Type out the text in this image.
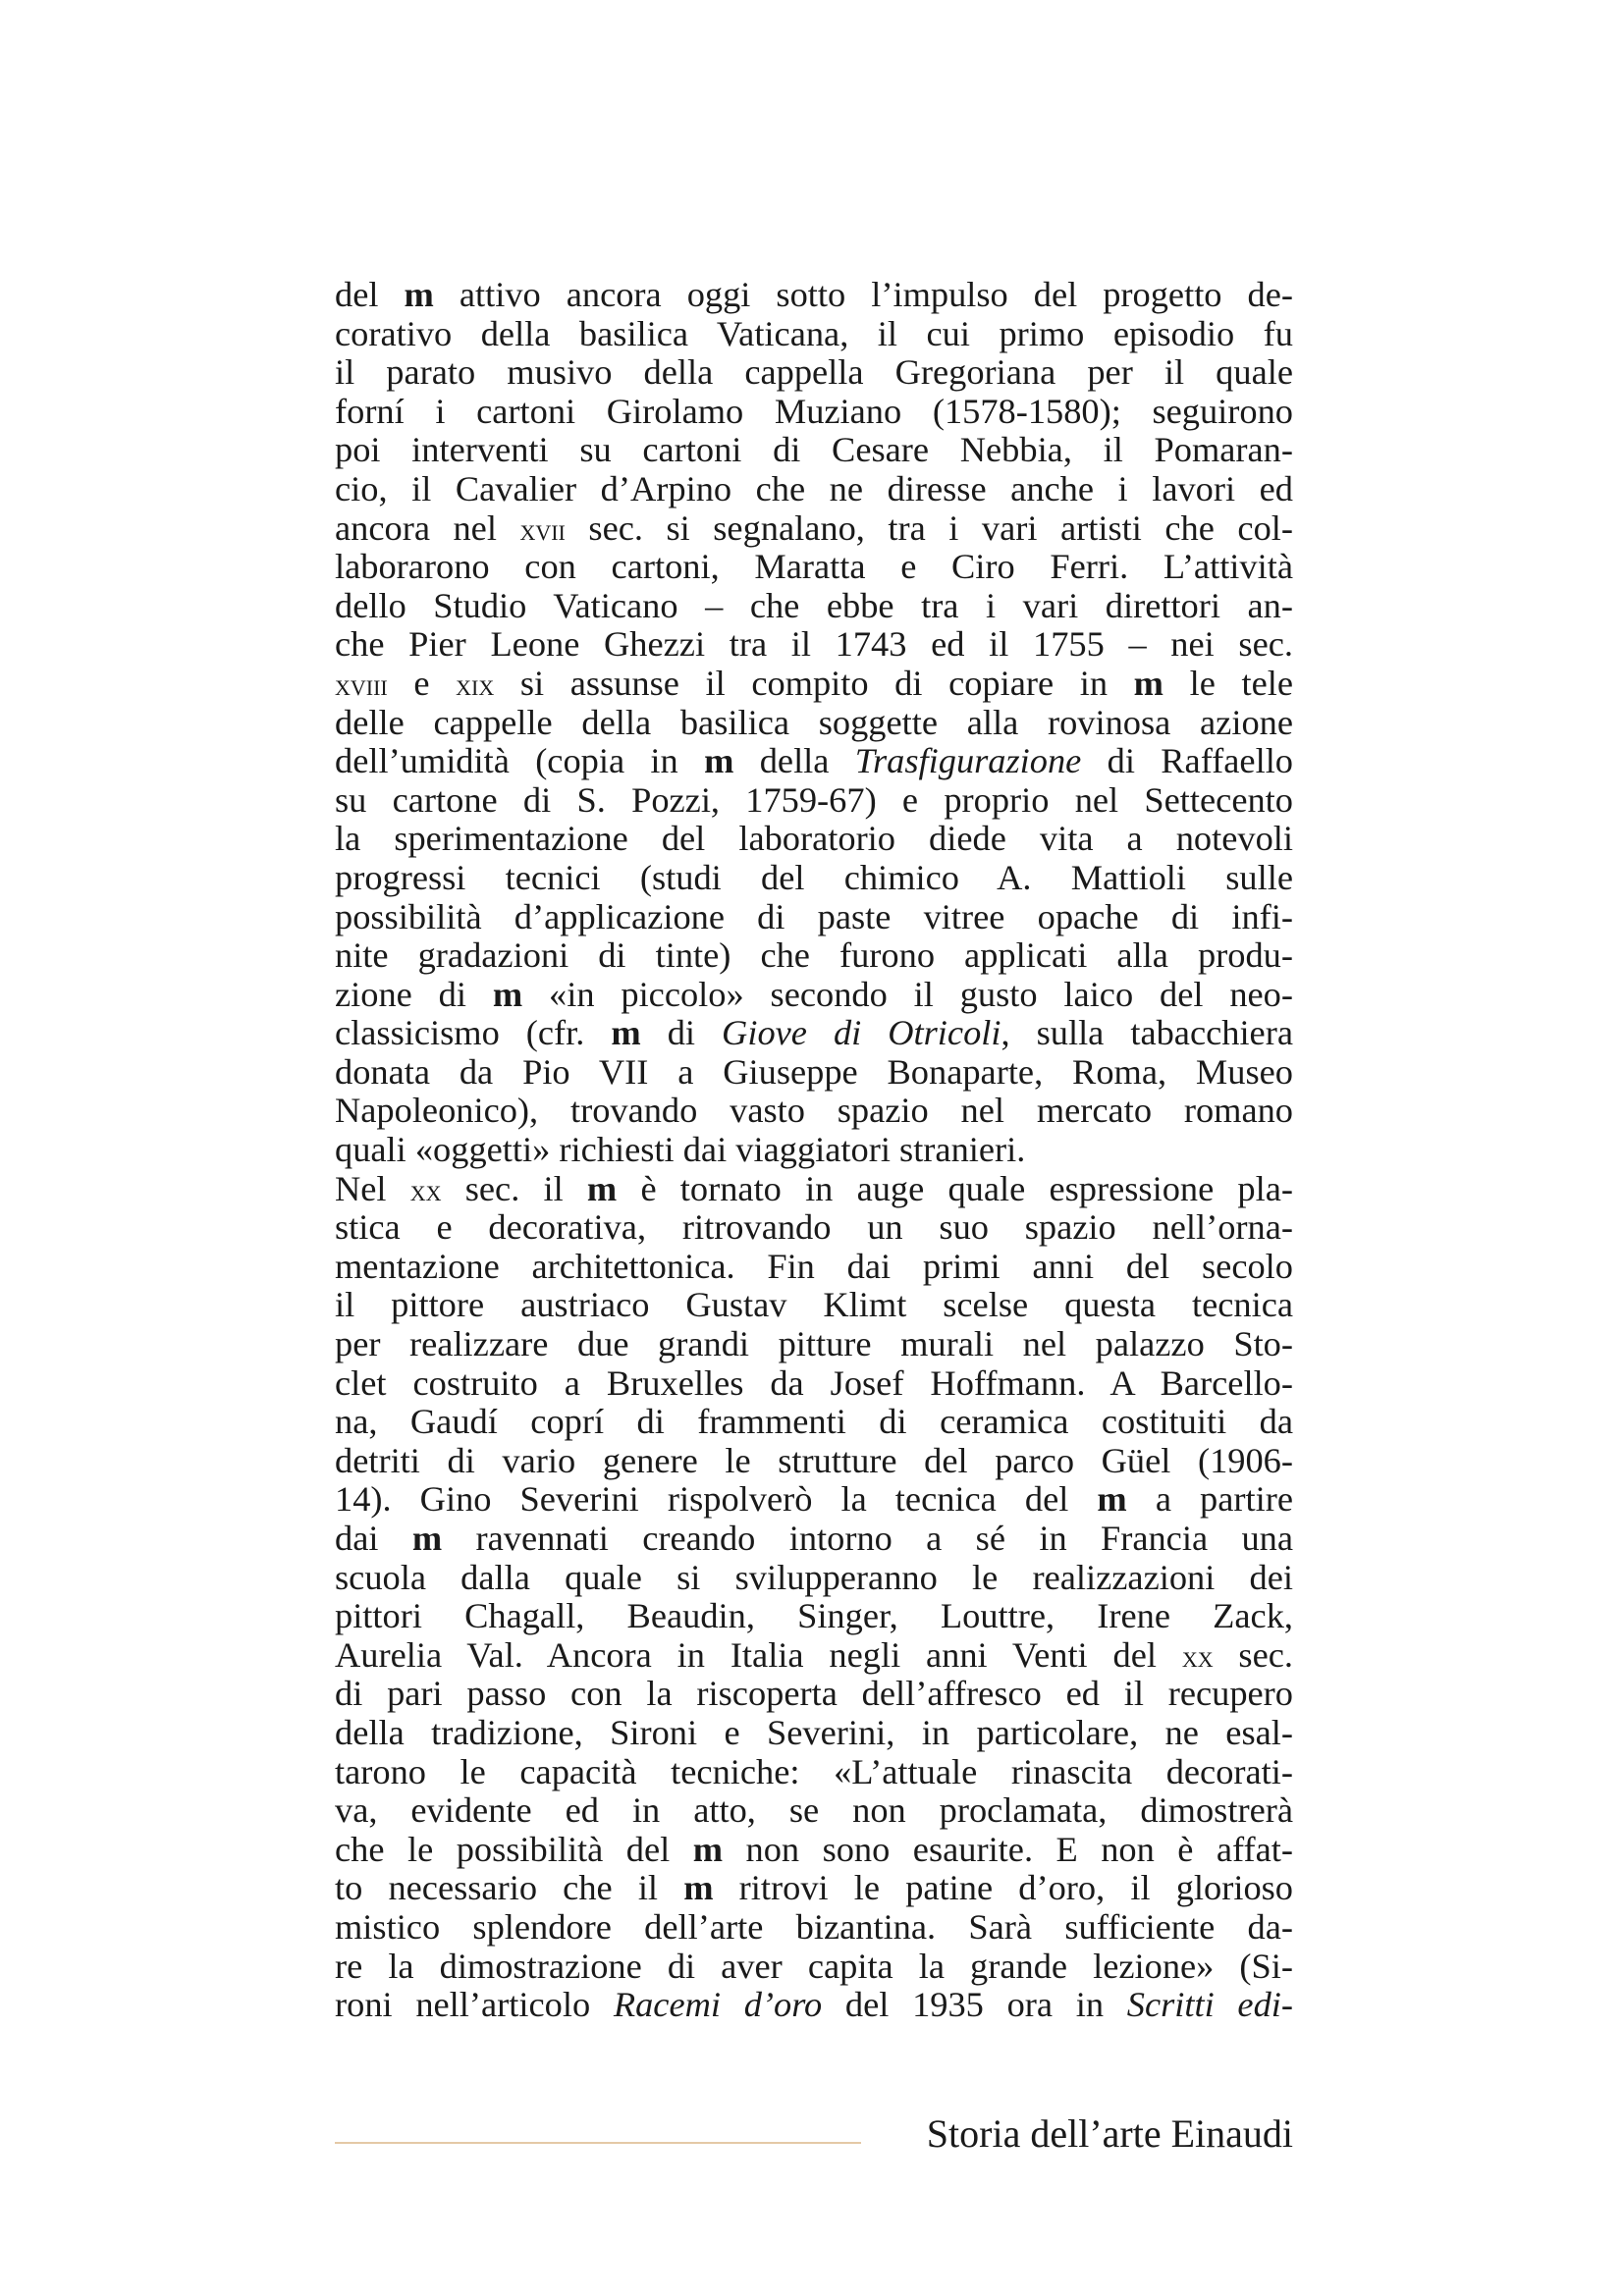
del m attivo ancora oggi sotto l’impulso del progetto de-
corativo della basilica Vaticana, il cui primo episodio fu
il parato musivo della cappella Gregoriana per il quale
forní i cartoni Girolamo Muziano (1578-1580); seguirono
poi interventi su cartoni di Cesare Nebbia, il Pomaran-
cio, il Cavalier d’Arpino che ne diresse anche i lavori ed
ancora nel xvii sec. si segnalano, tra i vari artisti che col-
laborarono con cartoni, Maratta e Ciro Ferri. L’attività
dello Studio Vaticano – che ebbe tra i vari direttori an-
che Pier Leone Ghezzi tra il 1743 ed il 1755 – nei sec.
xviii e xix si assunse il compito di copiare in m le tele
delle cappelle della basilica soggette alla rovinosa azione
dell’umidità (copia in m della Trasfigurazione di Raffaello
su cartone di S. Pozzi, 1759-67) e proprio nel Settecento
la sperimentazione del laboratorio diede vita a notevoli
progressi tecnici (studi del chimico A. Mattioli sulle
possibilità d’applicazione di paste vitree opache di infi-
nite gradazioni di tinte) che furono applicati alla produ-
zione di m «in piccolo» secondo il gusto laico del neo-
classicismo (cfr. m di Giove di Otricoli, sulla tabacchiera
donata da Pio VII a Giuseppe Bonaparte, Roma, Museo
Napoleonico), trovando vasto spazio nel mercato romano
quali «oggetti» richiesti dai viaggiatori stranieri.
Nel xx sec. il m è tornato in auge quale espressione pla-
stica e decorativa, ritrovando un suo spazio nell’orna-
mentazione architettonica. Fin dai primi anni del secolo
il pittore austriaco Gustav Klimt scelse questa tecnica
per realizzare due grandi pitture murali nel palazzo Sto-
clet costruito a Bruxelles da Josef Hoffmann. A Barcello-
na, Gaudí coprí di frammenti di ceramica costituiti da
detriti di vario genere le strutture del parco Güel (1906-
14). Gino Severini rispolverò la tecnica del m a partire
dai m ravennati creando intorno a sé in Francia una
scuola dalla quale si svilupperanno le realizzazioni dei
pittori Chagall, Beaudin, Singer, Louttre, Irene Zack,
Aurelia Val. Ancora in Italia negli anni Venti del xx sec.
di pari passo con la riscoperta dell’affresco ed il recupero
della tradizione, Sironi e Severini, in particolare, ne esal-
tarono le capacità tecniche: «L’attuale rinascita decorati-
va, evidente ed in atto, se non proclamata, dimostrerà
che le possibilità del m non sono esaurite. E non è affat-
to necessario che il m ritrovi le patine d’oro, il glorioso
mistico splendore dell’arte bizantina. Sarà sufficiente da-
re la dimostrazione di aver capita la grande lezione» (Si-
roni nell’articolo Racemi d’oro del 1935 ora in Scritti edi-
Storia dell’arte Einaudi
